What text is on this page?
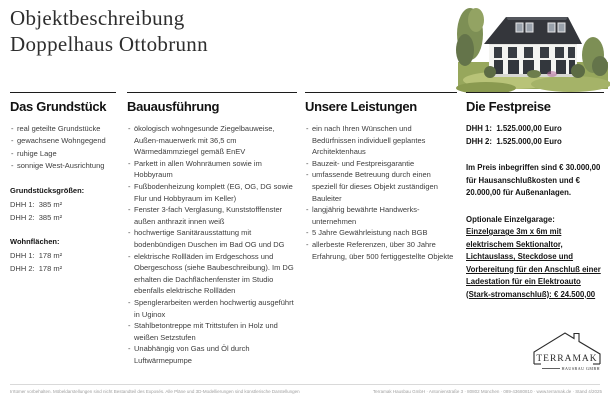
Objektbeschreibung
Doppelhaus Ottobrunn
Das Grundstück
- real geteilte Grundstücke
- gewachsene Wohngegend
- ruhige Lage
- sonnige West-Ausrichtung
Grundstücksgrößen:
DHH 1:  385 m²
DHH 2:  385 m²
Wohnflächen:
DHH 1:  178 m²
DHH 2:  178 m²
Bauausführung
- ökologisch wohngesunde Ziegelbauweise, Außen-mauerwerk mit 36,5 cm Wärmedämmziegel gemäß EnEV
- Parkett in allen Wohnräumen sowie im Hobbyraum
- Fußbodenheizung komplett (EG, OG, DG sowie Flur und Hobbyraum im Keller)
- Fenster 3-fach Verglasung, Kunststofffenster außen anthrazit innen weiß
- hochwertige Sanitärausstattung mit bodenbündigen Duschen im Bad OG und DG
- elektrische Rollläden im Erdgeschoss und Obergeschoss (siehe Baubeschreibung). Im DG erhalten die Dachflächenfenster im Studio ebenfalls elektrische Rollläden
- Spenglerarbeiten werden hochwertig ausgeführt in Uginox
- Stahlbetontreppe mit Trittstufen in Holz und weißen Setzstufen
- Unabhängig von Gas und Öl durch Luftwärmepumpe
Unsere Leistungen
- ein nach Ihren Wünschen und Bedürfnissen individuell geplantes Architektenhaus
- Bauzeit- und Festpreisgarantie
- umfassende Betreuung durch einen speziell für dieses Objekt zuständigen Bauleiter
- langjährig bewährte Handwerks-unternehmen
- 5 Jahre Gewährleistung nach BGB
- allerbeste Referenzen, über 30 Jahre Erfahrung, über 500 fertiggestellte Objekte
Die Festpreise
DHH 1:  1.525.000,00 Euro
DHH 2:  1.525.000,00 Euro
Im Preis inbegriffen sind € 30.000,00 für Hausanschlußkosten und € 20.000,00 für Außenanlagen.
Optionale Einzelgarage:
Einzelgarage 3m x 6m mit elektrischem Sektionaltor, Lichtauslass, Steckdose und Vorbereitung für den Anschluß einer Ladestation für ein Elektroauto (Stark-stromanschluß): € 24.500,00
TERRAMAK
HAUSBAU GMBH
Irrtümer vorbehalten. Möbeldarstellungen sind nicht Bestandteil des Exposés. Alle Pläne und 3D-Modellierungen sind künstlerische Darstellungen	Terramak Hausbau GmbH · Antonienstraße 3 · 80802 München · 089-43680810 · www.terramak.de · Stand 4/2025
